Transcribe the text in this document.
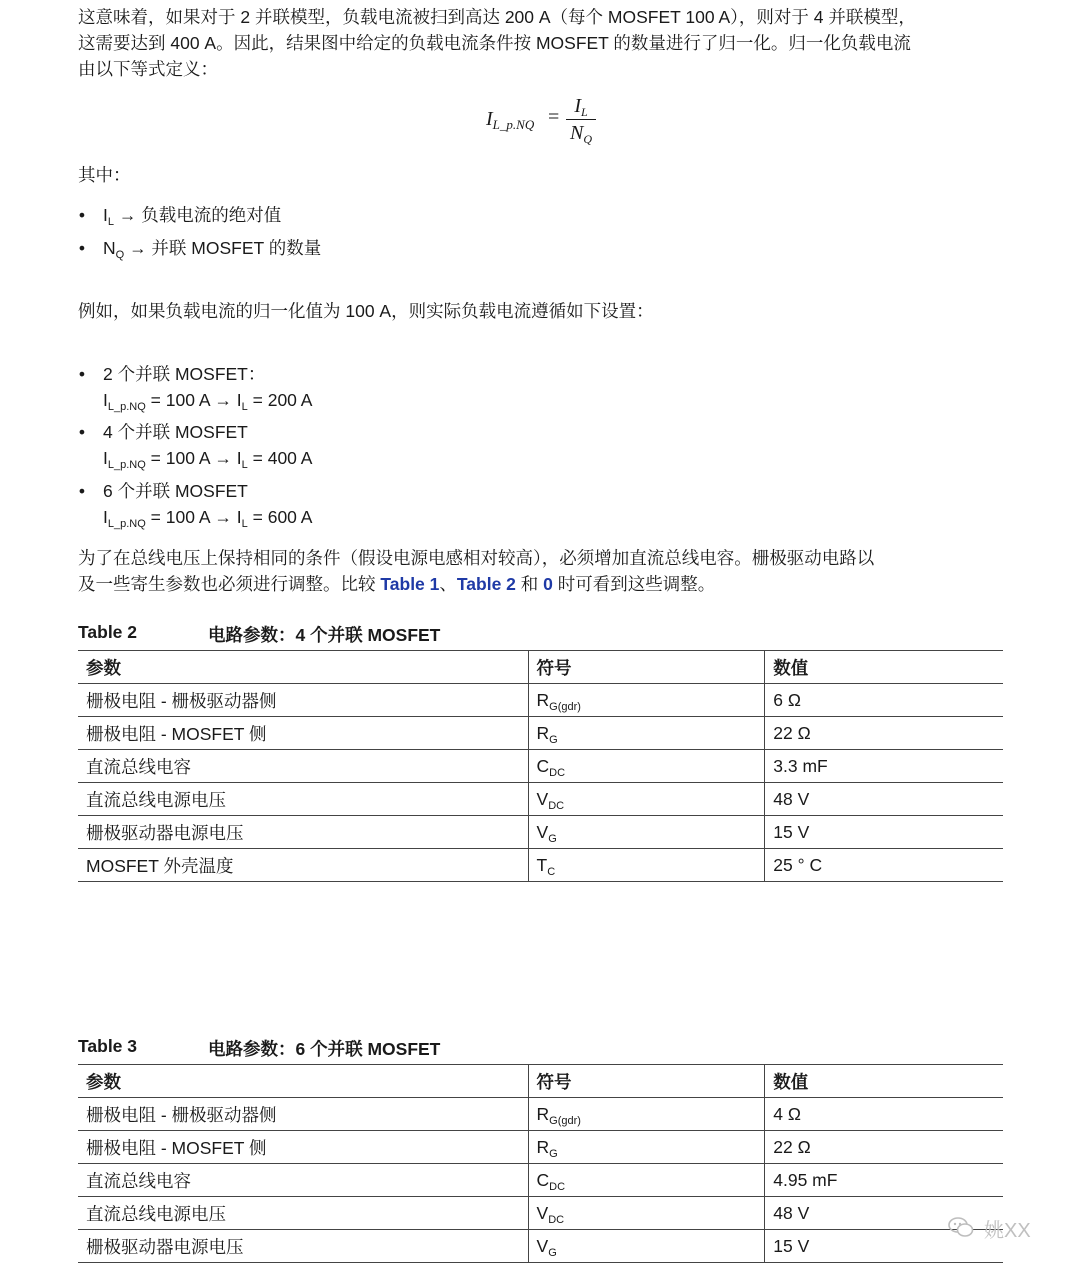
这意味着，如果对于 2 并联模型，负载电流被扫到高达 200 A（每个 MOSFET 100 A），则对于 4 并联模型，
这需要达到 400 A。因此，结果图中给定的负载电流条件按 MOSFET 的数量进行了归一化。归一化负载电流
由以下等式定义：

$I_{L\_p.NQ} = I_L$
$N_Q$

其中：

• $I_L$ → 负载电流的绝对值
• $N_Q$ → 并联 MOSFET 的数量

例如，如果负载电流的归一化值为 100 A，则实际负载电流遵循如下设置：

• 2 个并联 MOSFET：
$I_{L\_p.NQ} = 100$ $A \to I_L = 200$ A
• 4 个并联 MOSFET
$I_{L\_p.NQ} = 100$ $A \to I_L = 400$ A
• 6 个并联 MOSFET
$I_{L\_p.NQ} = 100$ $A \to I_L = 600$ A

为了在总线电压上保持相同的条件（假设电源电感相对较高），必须增加直流总线电容。栅极驱动电路以
及一些寄生参数也必须进行调整。比较 Table 1、Table 2 和 0 时可看到这些调整。

Table 2	电路参数：4 个并联 MOSFET
参数	符号	数值
栅极电阻 - 栅极驱动器侧	$R_{G(gdr)}$	6 Ω
栅极电阻 - MOSFET 侧	$R_G$	22 Ω
直流总线电容	$C_{DC}$	3.3 mF
直流总线电源电压	$V_{DC}$	48 V
栅极驱动器电源电压	$V_G$	15 V
MOSFET 外壳温度	$T_C$	25 ° C
Table 3	电路参数：6 个并联 MOSFET
参数	符号	数值
栅极电阻 - 栅极驱动器侧	$R_{G(gdr)}$	4 Ω
栅极电阻 - MOSFET 侧	$R_G$	22 Ω
直流总线电容	$C_{DC}$	4.95 mF
直流总线电源电压	$V_{DC}$	48 V
栅极驱动器电源电压	$V_G$	15 V
姚XX
